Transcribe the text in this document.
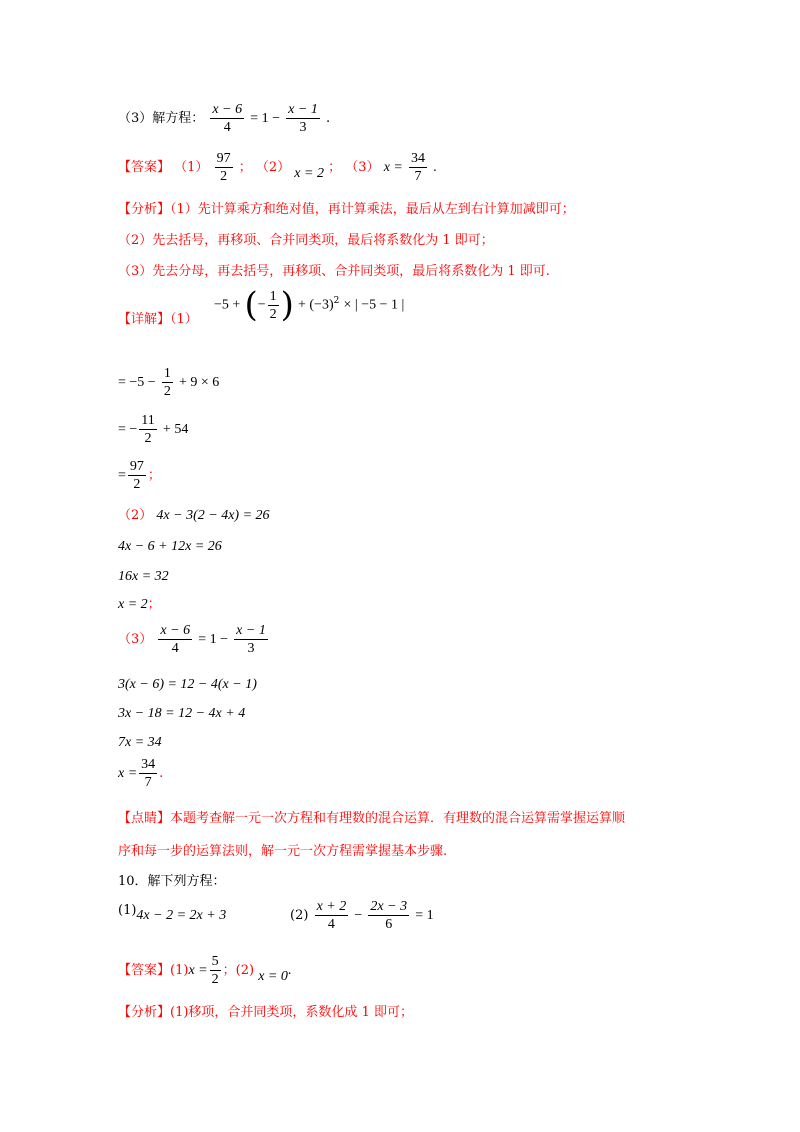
（3）解方程： $\frac{x - 6}{4} = 1 - \frac{x - 1}{3}$ .
【答案】 $(1) \frac{97}{2}$ ； （2） x = 2 ； （3） $x = \frac{34}{7}$ .
【分析】（1）先计算乘方和绝对值，再计算乘法，最后从左到右计算加减即可；
（2）先去括号，再移项、合并同类项，最后将系数化为 1 即可；
（3）先去分母，再去括号，再移项、合并同类项，最后将系数化为 1 即可.
【详解】（1）
−5 + (− $\frac{1}{2}$ ) + $(-3)^2$ × | −5 − 1 |
= $-5 - \frac{1}{2} + 9 \times 6$
= − $\frac{11}{2} + 54$
= $\frac{97}{2}$ ；
（2） 4x − 3(2 − 4x) = 26
4x − 6 + 12x = 26
16x = 32
x = 2；
$(3) \frac{x - 6}{4} = 1 - \frac{x - 1}{3}$
3(x − 6) = 12 − 4(x − 1)
3x − 18 = 12 − 4x + 4
7x = 34
$x = \frac{34}{7}$ .
【点睛】本题考查解一元一次方程和有理数的混合运算．有理数的混合运算需掌握运算顺
序和每一步的运算法则，解一元一次方程需掌握基本步骤.
10．解下列方程：
(1)4x − 2 = 2x + 3	$(2) \frac{x + 2}{4} - \frac{2x - 3}{6} = 1$
【答案】$(1)x = \frac{5}{2}$ ；(2) x = 0.
【分析】(1)移项，合并同类项，系数化成 1 即可；
